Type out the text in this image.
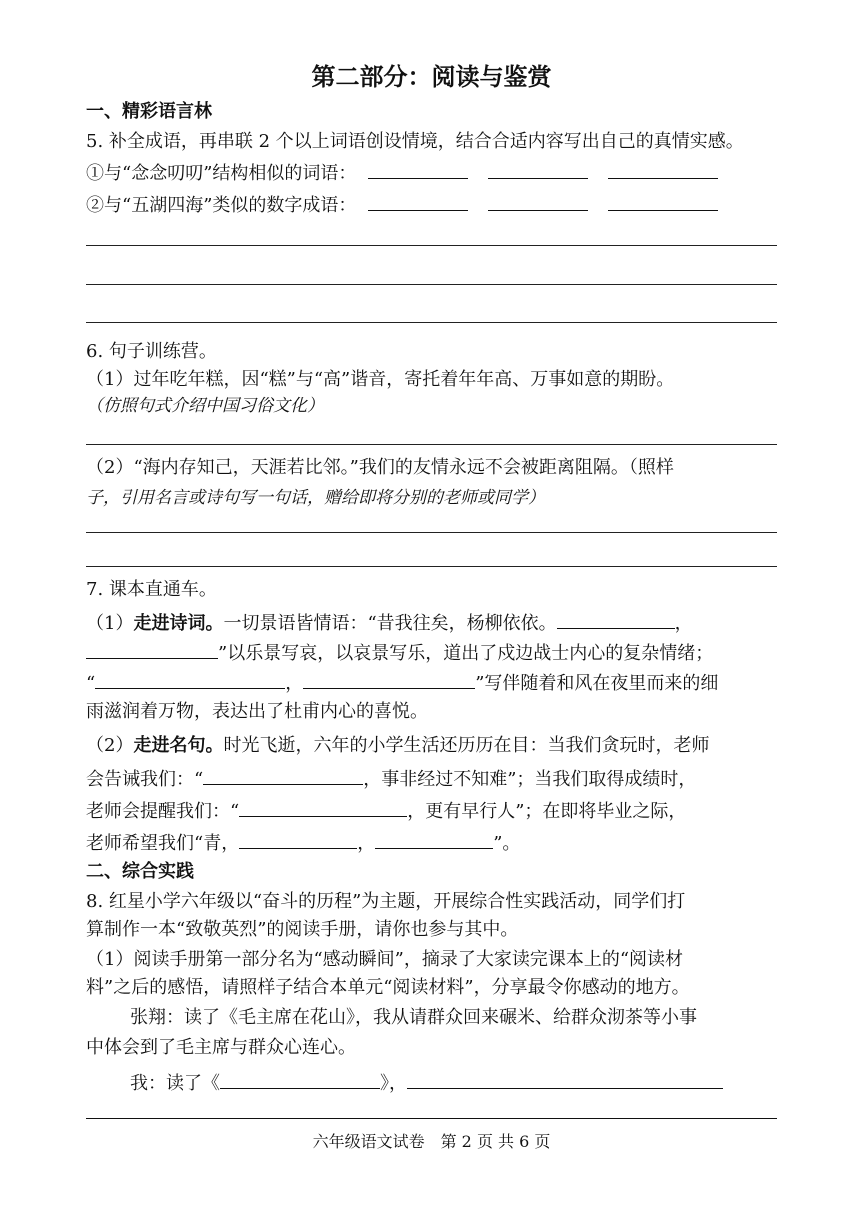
第二部分：阅读与鉴赏
一、精彩语言林
5. 补全成语，再串联 2 个以上词语创设情境，结合合适内容写出自己的真情实感。
①与“念念叨叨”结构相似的词语：
②与“五湖四海”类似的数字成语：
6. 句子训练营。
（1）过年吃年糕，因“糕”与“高”谐音，寄托着年年高、万事如意的期盼。
（仿照句式介绍中国习俗文化）
（2）“海内存知己，天涯若比邻。”我们的友情永远不会被距离阻隔。（照样
子，引用名言或诗句写一句话，赠给即将分别的老师或同学）
7. 课本直通车。
（1）走进诗词。一切景语皆情语：“昔我往矣，杨柳依依。	，
”以乐景写哀，以哀景写乐，道出了戍边战士内心的复杂情绪；
“	，	”写伴随着和风在夜里而来的细
雨滋润着万物，表达出了杜甫内心的喜悦。
（2）走进名句。时光飞逝，六年的小学生活还历历在目：当我们贪玩时，老师
会告诫我们：“	，事非经过不知难”；当我们取得成绩时，
老师会提醒我们：“	，更有早行人”；在即将毕业之际，
老师希望我们“青，	，	”。
二、综合实践
8. 红星小学六年级以“奋斗的历程”为主题，开展综合性实践活动，同学们打
算制作一本“致敬英烈”的阅读手册，请你也参与其中。
（1）阅读手册第一部分名为“感动瞬间”，摘录了大家读完课本上的“阅读材
料”之后的感悟，请照样子结合本单元“阅读材料”，分享最令你感动的地方。
张翔：读了《毛主席在花山》，我从请群众回来碾米、给群众沏茶等小事
中体会到了毛主席与群众心连心。
我：读了《	》，
六年级语文试卷　第 2 页 共 6 页
